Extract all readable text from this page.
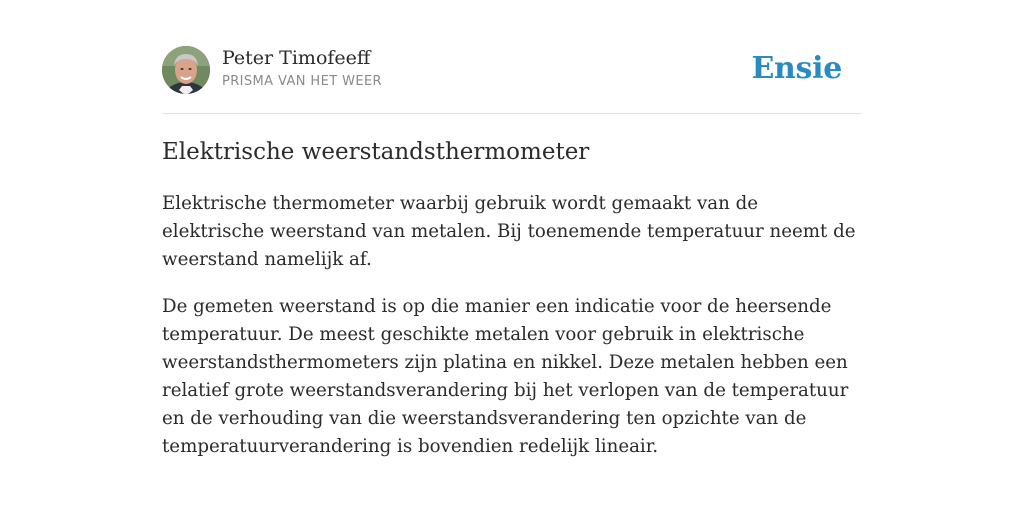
Peter Timofeeff
PRISMA VAN HET WEER	Ensie
Elektrische weerstandsthermometer

Elektrische thermometer waarbij gebruik wordt gemaakt van de elektrische weerstand van metalen. Bij toenemende temperatuur neemt de weerstand namelijk af.

De gemeten weerstand is op die manier een indicatie voor de heersende temperatuur. De meest geschikte metalen voor gebruik in elektrische weerstandsthermometers zijn platina en nikkel. Deze metalen hebben een relatief grote weerstandsverandering bij het verlopen van de temperatuur en de verhouding van die weerstandsverandering ten opzichte van de temperatuurverandering is bovendien redelijk lineair.
